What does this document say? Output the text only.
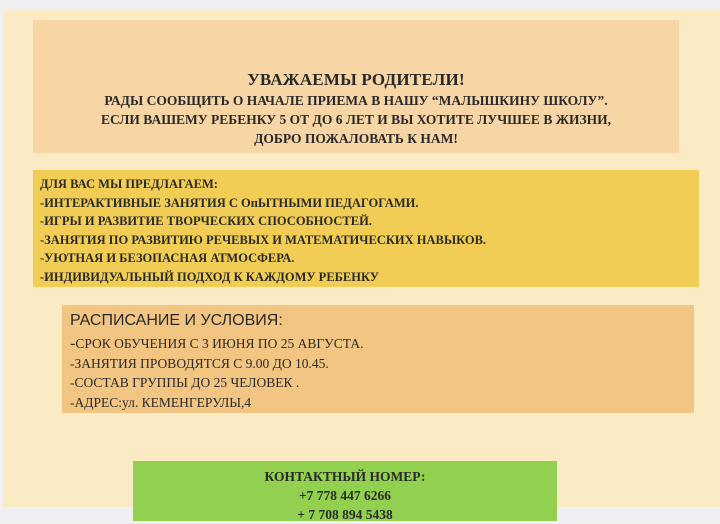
УВАЖАЕМЫ РОДИТЕЛИ!
РАДЫ СООБЩИТЬ О НАЧАЛЕ ПРИЕМА В НАШУ “МАЛЫШКИНУ ШКОЛУ”.
ЕСЛИ ВАШЕМУ РЕБЕНКУ 5 ОТ ДО 6 ЛЕТ И ВЫ ХОТИТЕ ЛУЧШЕЕ В ЖИЗНИ,
ДОБРО ПОЖАЛОВАТЬ К НАМ!
ДЛЯ ВАС МЫ ПРЕДЛАГАЕМ:
-ИНТЕРАКТИВНЫЕ ЗАНЯТИЯ С ОпЫТНЫМИ ПЕДАГОГАМИ.
-ИГРЫ И РАЗВИТИЕ ТВОРЧЕСКИХ СПОСОБНОСТЕЙ.
-ЗАНЯТИЯ ПО РАЗВИТИЮ РЕЧЕВЫХ И МАТЕМАТИЧЕСКИХ НАВЫКОВ.
-УЮТНАЯ И БЕЗОПАСНАЯ АТМОСФЕРА.
-ИНДИВИДУАЛЬНЫЙ ПОДХОД К КАЖДОМУ РЕБЕНКУ
РАСПИСАНИЕ И УСЛОВИЯ:
-СРОК ОБУЧЕНИЯ С 3 ИЮНЯ ПО 25 АВГУСТА.
-ЗАНЯТИЯ ПРОВОДЯТСЯ С 9.00 ДО 10.45.
-СОСТАВ ГРУППЫ ДО 25 ЧЕЛОВЕК .
-АДРЕС:ул. КЕМЕНГЕРУЛЫ,4
КОНТАКТНЫЙ НОМЕР:
+7 778 447 6266
+ 7 708 894 5438
